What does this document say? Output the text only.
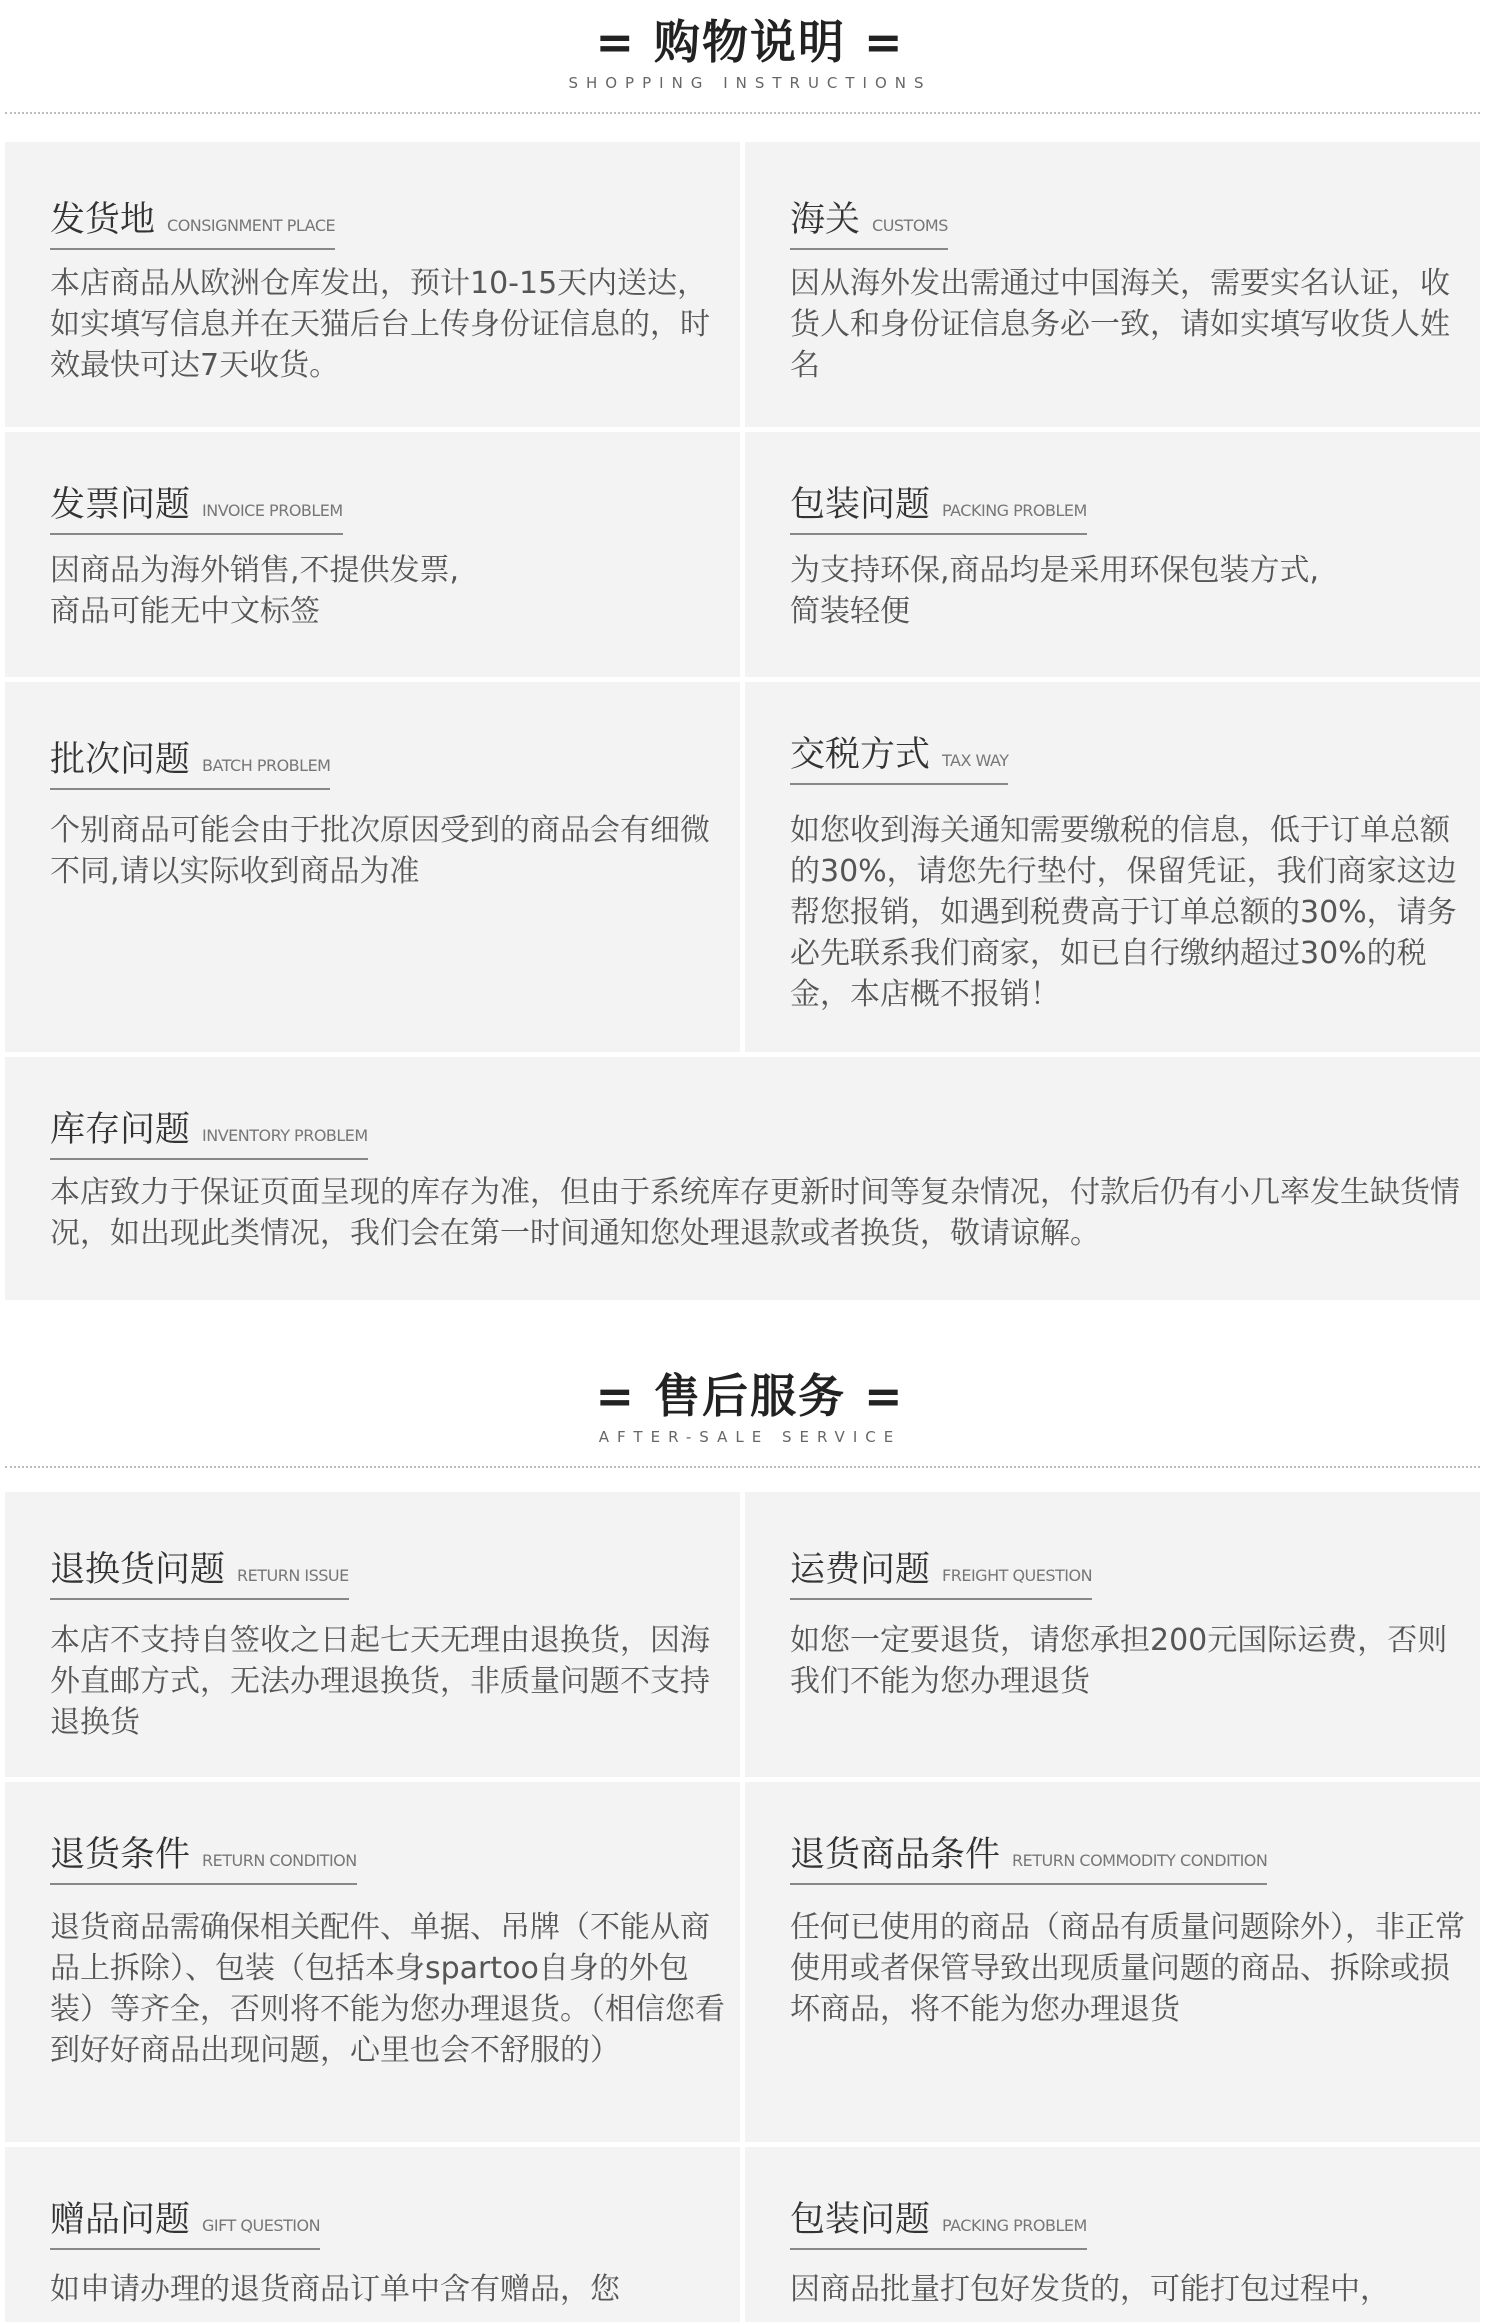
= 购物说明 =
SHOPPING INSTRUCTIONS
发货地 CONSIGNMENT PLACE
本店商品从欧洲仓库发出，预计10-15天内送达，如实填写信息并在天猫后台上传身份证信息的，时效最快可达7天收货。
海关 CUSTOMS
因从海外发出需通过中国海关，需要实名认证，收货人和身份证信息务必一致，请如实填写收货人姓名
发票问题 INVOICE PROBLEM
因商品为海外销售,不提供发票,
商品可能无中文标签
包装问题 PACKING PROBLEM
为支持环保,商品均是采用环保包装方式,
简装轻便
批次问题 BATCH PROBLEM
个别商品可能会由于批次原因受到的商品会有细微不同,请以实际收到商品为准
交税方式 TAX WAY
如您收到海关通知需要缴税的信息，低于订单总额的30%，请您先行垫付，保留凭证，我们商家这边帮您报销，如遇到税费高于订单总额的30%，请务必先联系我们商家，如已自行缴纳超过30%的税金，本店概不报销！
库存问题 INVENTORY PROBLEM
本店致力于保证页面呈现的库存为准，但由于系统库存更新时间等复杂情况，付款后仍有小几率发生缺货情况，如出现此类情况，我们会在第一时间通知您处理退款或者换货，敬请谅解。
= 售后服务 =
AFTER-SALE SERVICE
退换货问题 RETURN ISSUE
本店不支持自签收之日起七天无理由退换货，因海外直邮方式，无法办理退换货，非质量问题不支持退换货
运费问题 FREIGHT QUESTION
如您一定要退货，请您承担200元国际运费，否则我们不能为您办理退货
退货条件 RETURN CONDITION
退货商品需确保相关配件、单据、吊牌（不能从商品上拆除）、包装（包括本身spartoo自身的外包装）等齐全，否则将不能为您办理退货。（相信您看到好好商品出现问题，心里也会不舒服的）
退货商品条件 RETURN COMMODITY CONDITION
任何已使用的商品（商品有质量问题除外），非正常使用或者保管导致出现质量问题的商品、拆除或损坏商品，将不能为您办理退货
赠品问题 GIFT QUESTION
如申请办理的退货商品订单中含有赠品，您
包装问题 PACKING PROBLEM
因商品批量打包好发货的，可能打包过程中，
